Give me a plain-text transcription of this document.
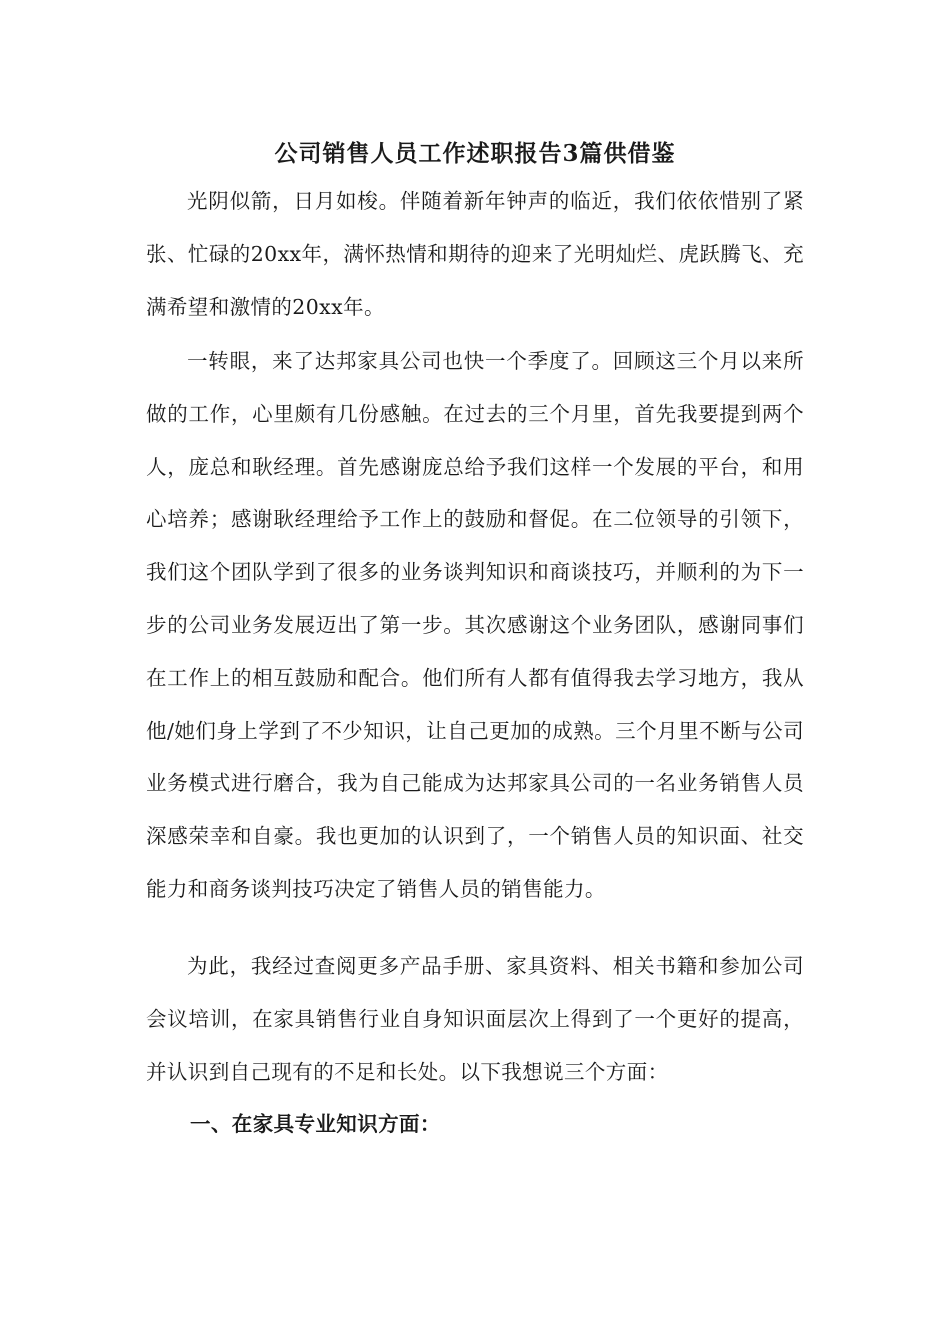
公司销售人员工作述职报告3篇供借鉴

光阴似箭，日月如梭。伴随着新年钟声的临近，我们依依惜别了紧张、忙碌的20xx年，满怀热情和期待的迎来了光明灿烂、虎跃腾飞、充满希望和激情的20xx年。

一转眼，来了达邦家具公司也快一个季度了。回顾这三个月以来所做的工作，心里颇有几份感触。在过去的三个月里，首先我要提到两个人，庞总和耿经理。首先感谢庞总给予我们这样一个发展的平台，和用心培养；感谢耿经理给予工作上的鼓励和督促。在二位领导的引领下，我们这个团队学到了很多的业务谈判知识和商谈技巧，并顺利的为下一步的公司业务发展迈出了第一步。其次感谢这个业务团队，感谢同事们在工作上的相互鼓励和配合。他们所有人都有值得我去学习地方，我从他/她们身上学到了不少知识，让自己更加的成熟。三个月里不断与公司业务模式进行磨合，我为自己能成为达邦家具公司的一名业务销售人员深感荣幸和自豪。我也更加的认识到了，一个销售人员的知识面、社交能力和商务谈判技巧决定了销售人员的销售能力。

为此，我经过查阅更多产品手册、家具资料、相关书籍和参加公司会议培训，在家具销售行业自身知识面层次上得到了一个更好的提高，并认识到自己现有的不足和长处。以下我想说三个方面：

一、在家具专业知识方面：
